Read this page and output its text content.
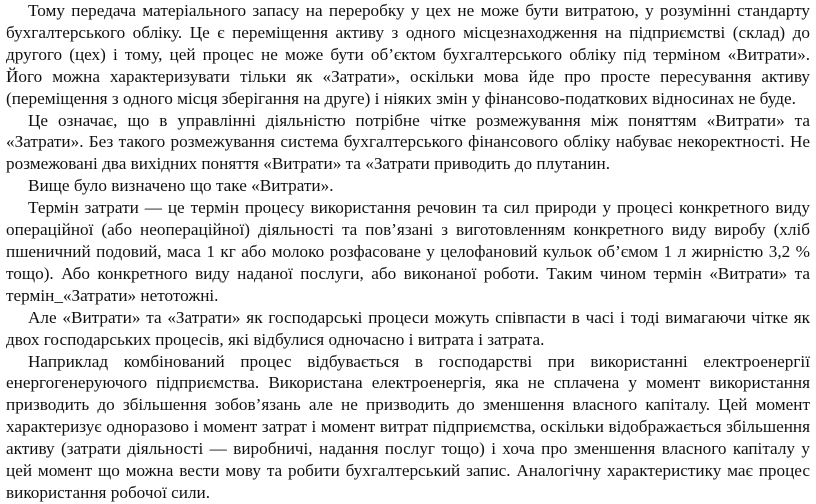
Тому передача матеріального запасу на переробку у цех не може бути витратою, у розумінні стандарту бухгалтерського обліку. Це є переміщення активу з одного місцезнаходження на підприємстві (склад) до другого (цех) і тому, цей процес не може бути об’єктом бухгалтерського обліку під терміном «Витрати». Його можна характеризувати тільки як «Затрати», оскільки мова йде про просте пересування активу (переміщення з одного місця зберігання на друге) і ніяких змін у фінансово-податкових відносинах не буде.

Це означає, що в управлінні діяльністю потрібне чітке розмежування між поняттям «Витрати» та «Затрати». Без такого розмежування система бухгалтерського фінансового обліку набуває некоректності. Не розмежовані два вихідних поняття «Витрати» та «Затрати приводить до плутанин.

Вище було визначено що таке «Витрати».

Термін затрати — це термін процесу використання речовин та сил природи у процесі конкретного виду операційної (або неопераційної) діяльності та пов’язані з виготовленням конкретного виду виробу (хліб пшеничний подовий, маса 1 кг або молоко розфасоване у целофановий кульок об’ємом 1 л жирністю 3,2 % тощо). Або конкретного виду наданої послуги, або виконаної роботи. Таким чином термін «Витрати» та термін_«Затрати» нетотожні.

Але «Витрати» та «Затрати» як господарські процеси можуть співпасти в часі і тоді вимагаючи чітке як двох господарських процесів, які відбулися одночасно і витрата і затрата.

Наприклад комбінований процес відбувається в господарстві при використанні електроенергії енергогенеруючого підприємства. Використана електроенергія, яка не сплачена у момент використання призводить до збільшення зобов’язань але не призводить до зменшення власного капіталу. Цей момент характеризує одноразово і момент затрат і момент витрат підприємства, оскільки відображається збільшення активу (затрати діяльності — виробничі, надання послуг тощо) і хоча про зменшення власного капіталу у цей момент що можна вести мову та робити бухгалтерський запис. Аналогічну характеристику має процес використання робочої сили.
